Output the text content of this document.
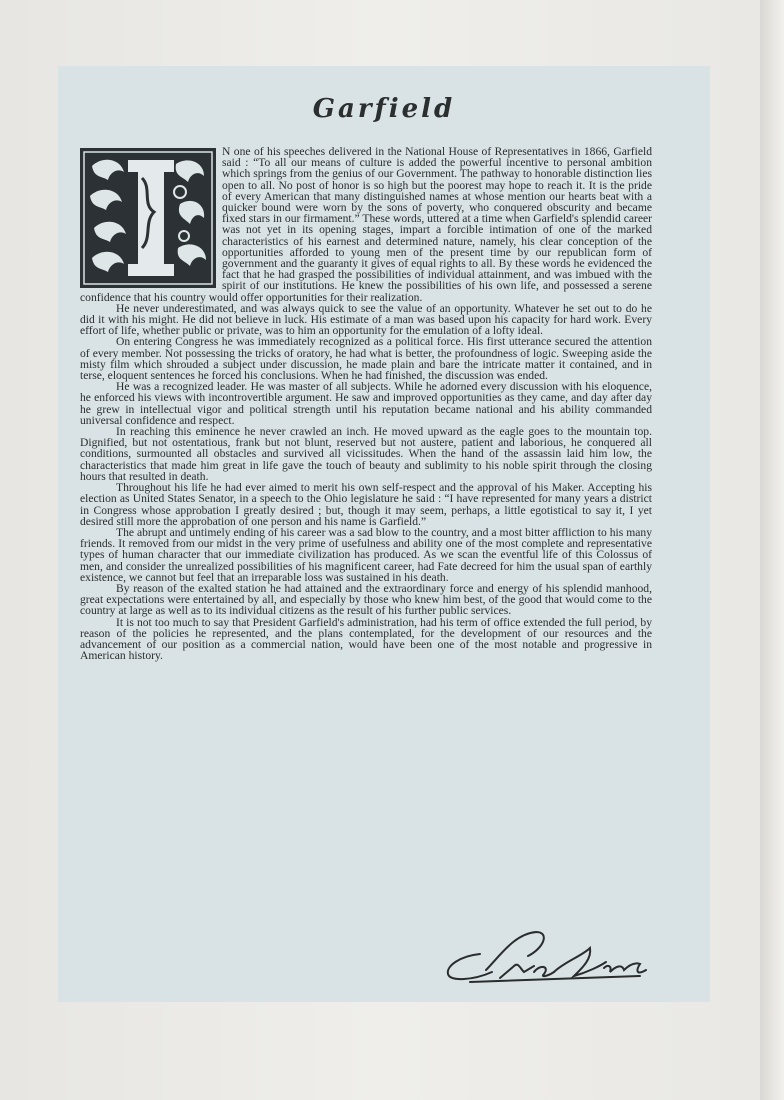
Garfield

N one of his speeches delivered in the National House of Representatives in 1866, Garfield said : “To all our means of culture is added the powerful incentive to personal ambition which springs from the genius of our Government. The pathway to honorable distinction lies open to all. No post of honor is so high but the poorest may hope to reach it. It is the pride of every American that many distinguished names at whose mention our hearts beat with a quicker bound were worn by the sons of poverty, who conquered obscurity and became fixed stars in our firmament.” These words, uttered at a time when Garfield's splendid career was not yet in its opening stages, impart a forcible intimation of one of the marked characteristics of his earnest and determined nature, namely, his clear conception of the opportunities afforded to young men of the present time by our republican form of government and the guaranty it gives of equal rights to all. By these words he evidenced the fact that he had grasped the possibilities of individual attainment, and was imbued with the spirit of our institutions. He knew the possibilities of his own life, and possessed a serene confidence that his country would offer opportunities for their realization.

He never underestimated, and was always quick to see the value of an opportunity. Whatever he set out to do he did it with his might. He did not believe in luck. His estimate of a man was based upon his capacity for hard work. Every effort of life, whether public or private, was to him an opportunity for the emulation of a lofty ideal.

On entering Congress he was immediately recognized as a political force. His first utterance secured the attention of every member. Not possessing the tricks of oratory, he had what is better, the profoundness of logic. Sweeping aside the misty film which shrouded a subject under discussion, he made plain and bare the intricate matter it contained, and in terse, eloquent sentences he forced his conclusions. When he had finished, the discussion was ended.

He was a recognized leader. He was master of all subjects. While he adorned every discussion with his eloquence, he enforced his views with incontrovertible argument. He saw and improved opportunities as they came, and day after day he grew in intellectual vigor and political strength until his reputation became national and his ability commanded universal confidence and respect.

In reaching this eminence he never crawled an inch. He moved upward as the eagle goes to the mountain top. Dignified, but not ostentatious, frank but not blunt, reserved but not austere, patient and laborious, he conquered all conditions, surmounted all obstacles and survived all vicissitudes. When the hand of the assassin laid him low, the characteristics that made him great in life gave the touch of beauty and sublimity to his noble spirit through the closing hours that resulted in death.

Throughout his life he had ever aimed to merit his own self-respect and the approval of his Maker. Accepting his election as United States Senator, in a speech to the Ohio legislature he said : “I have represented for many years a district in Congress whose approbation I greatly desired ; but, though it may seem, perhaps, a little egotistical to say it, I yet desired still more the approbation of one person and his name is Garfield.”

The abrupt and untimely ending of his career was a sad blow to the country, and a most bitter affliction to his many friends. It removed from our midst in the very prime of usefulness and ability one of the most complete and representative types of human character that our immediate civilization has produced. As we scan the eventful life of this Colossus of men, and consider the unrealized possibilities of his magnificent career, had Fate decreed for him the usual span of earthly existence, we cannot but feel that an irreparable loss was sustained in his death.

By reason of the exalted station he had attained and the extraordinary force and energy of his splendid manhood, great expectations were entertained by all, and especially by those who knew him best, of the good that would come to the country at large as well as to its individual citizens as the result of his further public services.

It is not too much to say that President Garfield's administration, had his term of office extended the full period, by reason of the policies he represented, and the plans contemplated, for the development of our resources and the advancement of our position as a commercial nation, would have been one of the most notable and progressive in American history.
